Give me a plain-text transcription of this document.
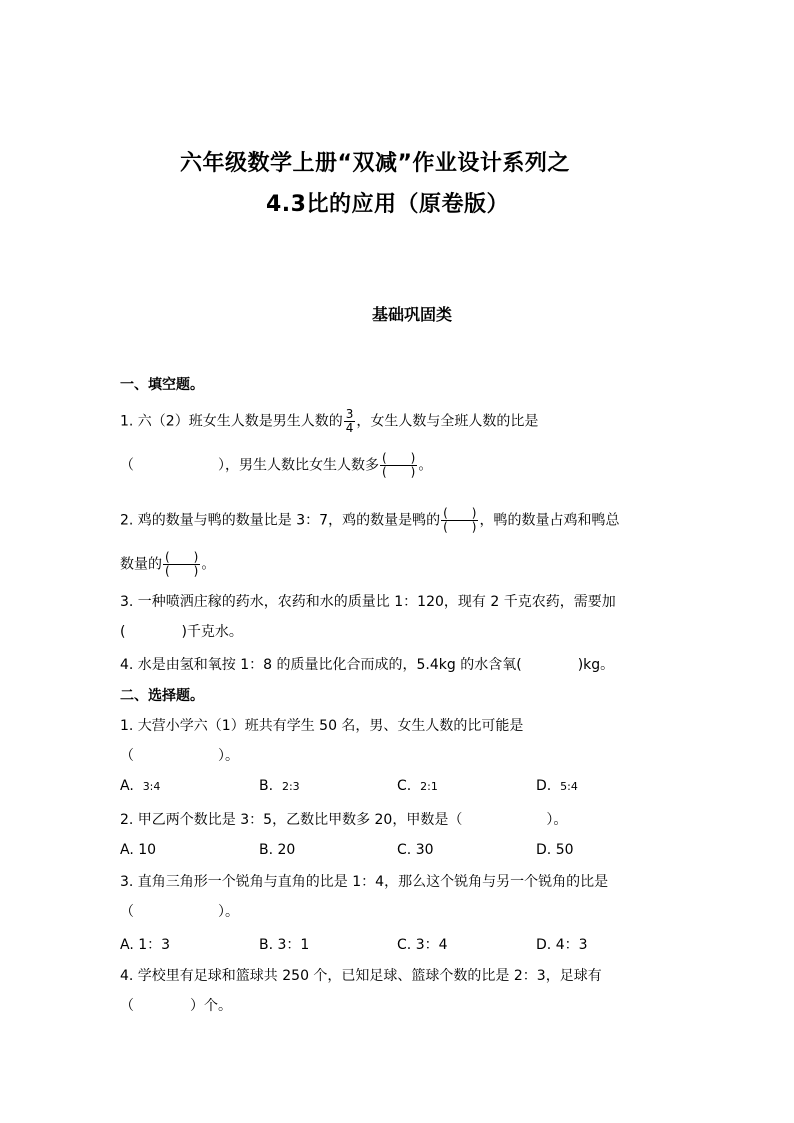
六年级数学上册“双减”作业设计系列之
4.3比的应用（原卷版）
基础巩固类
一、填空题。
1. 六（2）班女生人数是男生人数的 $\frac{3}{4}$ ，女生人数与全班人数的比是
（　　　　　　），男生人数比女生人数多 $\frac{( )}{( )}$ 。
2. 鸡的数量与鸭的数量比是 3：7，鸡的数量是鸭的 $\frac{( )}{( )}$ ，鸭的数量占鸡和鸭总
数量的 $\frac{( )}{( )}$ 。
3. 一种喷洒庄稼的药水，农药和水的质量比 1：120，现有 2 千克农药，需要加
(　　　　)千克水。
4. 水是由氢和氧按 1：8 的质量比化合而成的，5.4kg 的水含氧(　　　　)kg。
二、选择题。
1. 大营小学六（1）班共有学生 50 名，男、女生人数的比可能是
（　　　　　　）。
A. 3:4	B. 2:3	C. 2:1	D. 5:4
2. 甲乙两个数比是 3：5，乙数比甲数多 20，甲数是（　　　　　　）。
A. 10	B. 20	C. 30	D. 50
3. 直角三角形一个锐角与直角的比是 1：4，那么这个锐角与另一个锐角的比是
（　　　　　　）。
A. 1：3	B. 3：1	C. 3：4	D. 4：3
4. 学校里有足球和篮球共 250 个，已知足球、篮球个数的比是 2：3，足球有
（　　　　）个。
